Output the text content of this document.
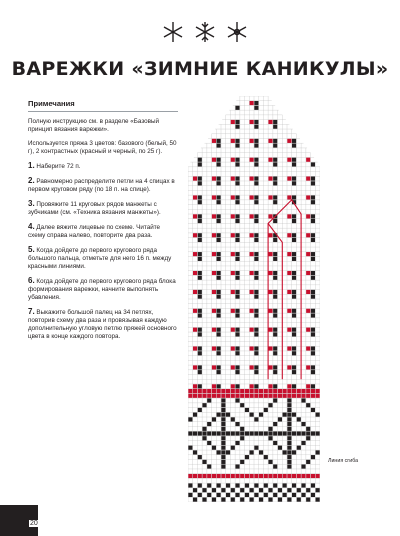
ВАРЕЖКИ «ЗИМНИЕ КАНИКУЛЫ»
Примечания

Полную инструкцию см. в разделе «Базовый принцип вязания варежки».

Используется пряжа 3 цветов: базового (белый, 50 г), 2 контрастных (красный и черный, по 25 г).

1. Наберите 72 п.
2. Равномерно распределите петли на 4 спицах в первом круговом ряду (по 18 п. на спице).
3. Провяжите 11 круговых рядов манжеты с зубчиками (см. «Техника вязания манжеты»).
4. Далее вяжите лицевые по схеме. Читайте схему справа налево, повторите два раза.
5. Когда дойдете до первого кругового ряда большого пальца, отметьте для него 16 п. между красными линиями.
6. Когда дойдете до первого кругового ряда блока формирования варежки, начните выполнять убавления.
7. Выкажите большой палец на 34 петлях, повторив схему два раза и провязывая каждую дополнительную угловую петлю пряжей основного цвета в конце каждого повтора.
Линия сгиба
20
